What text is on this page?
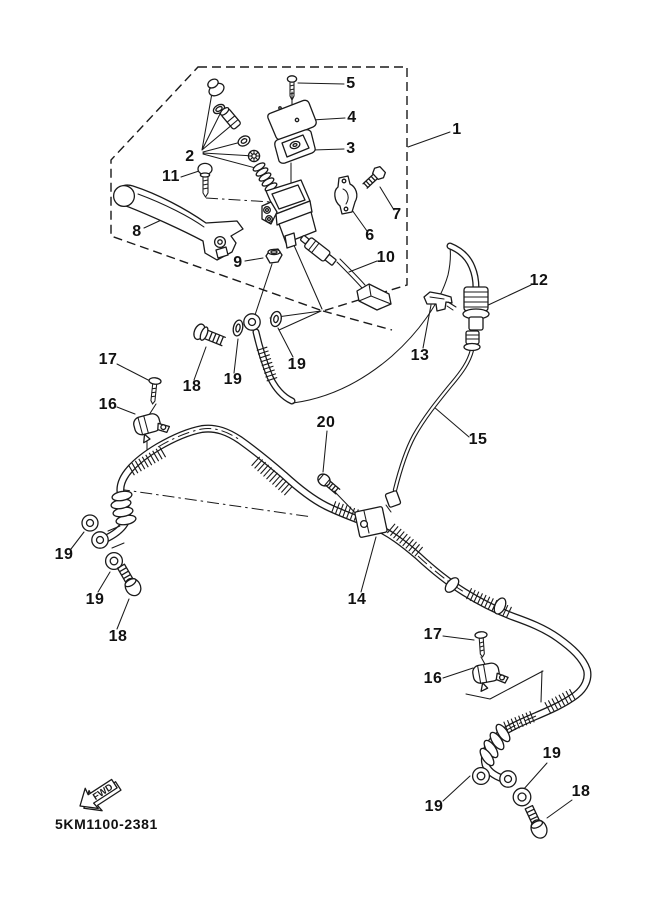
FWD
5
4
3
1
2
11
7
6
8
9	10
12
13
17
16
18 19
19
20
15
14
19
19
18	17
16
19
19
18
5KM1100-2381
